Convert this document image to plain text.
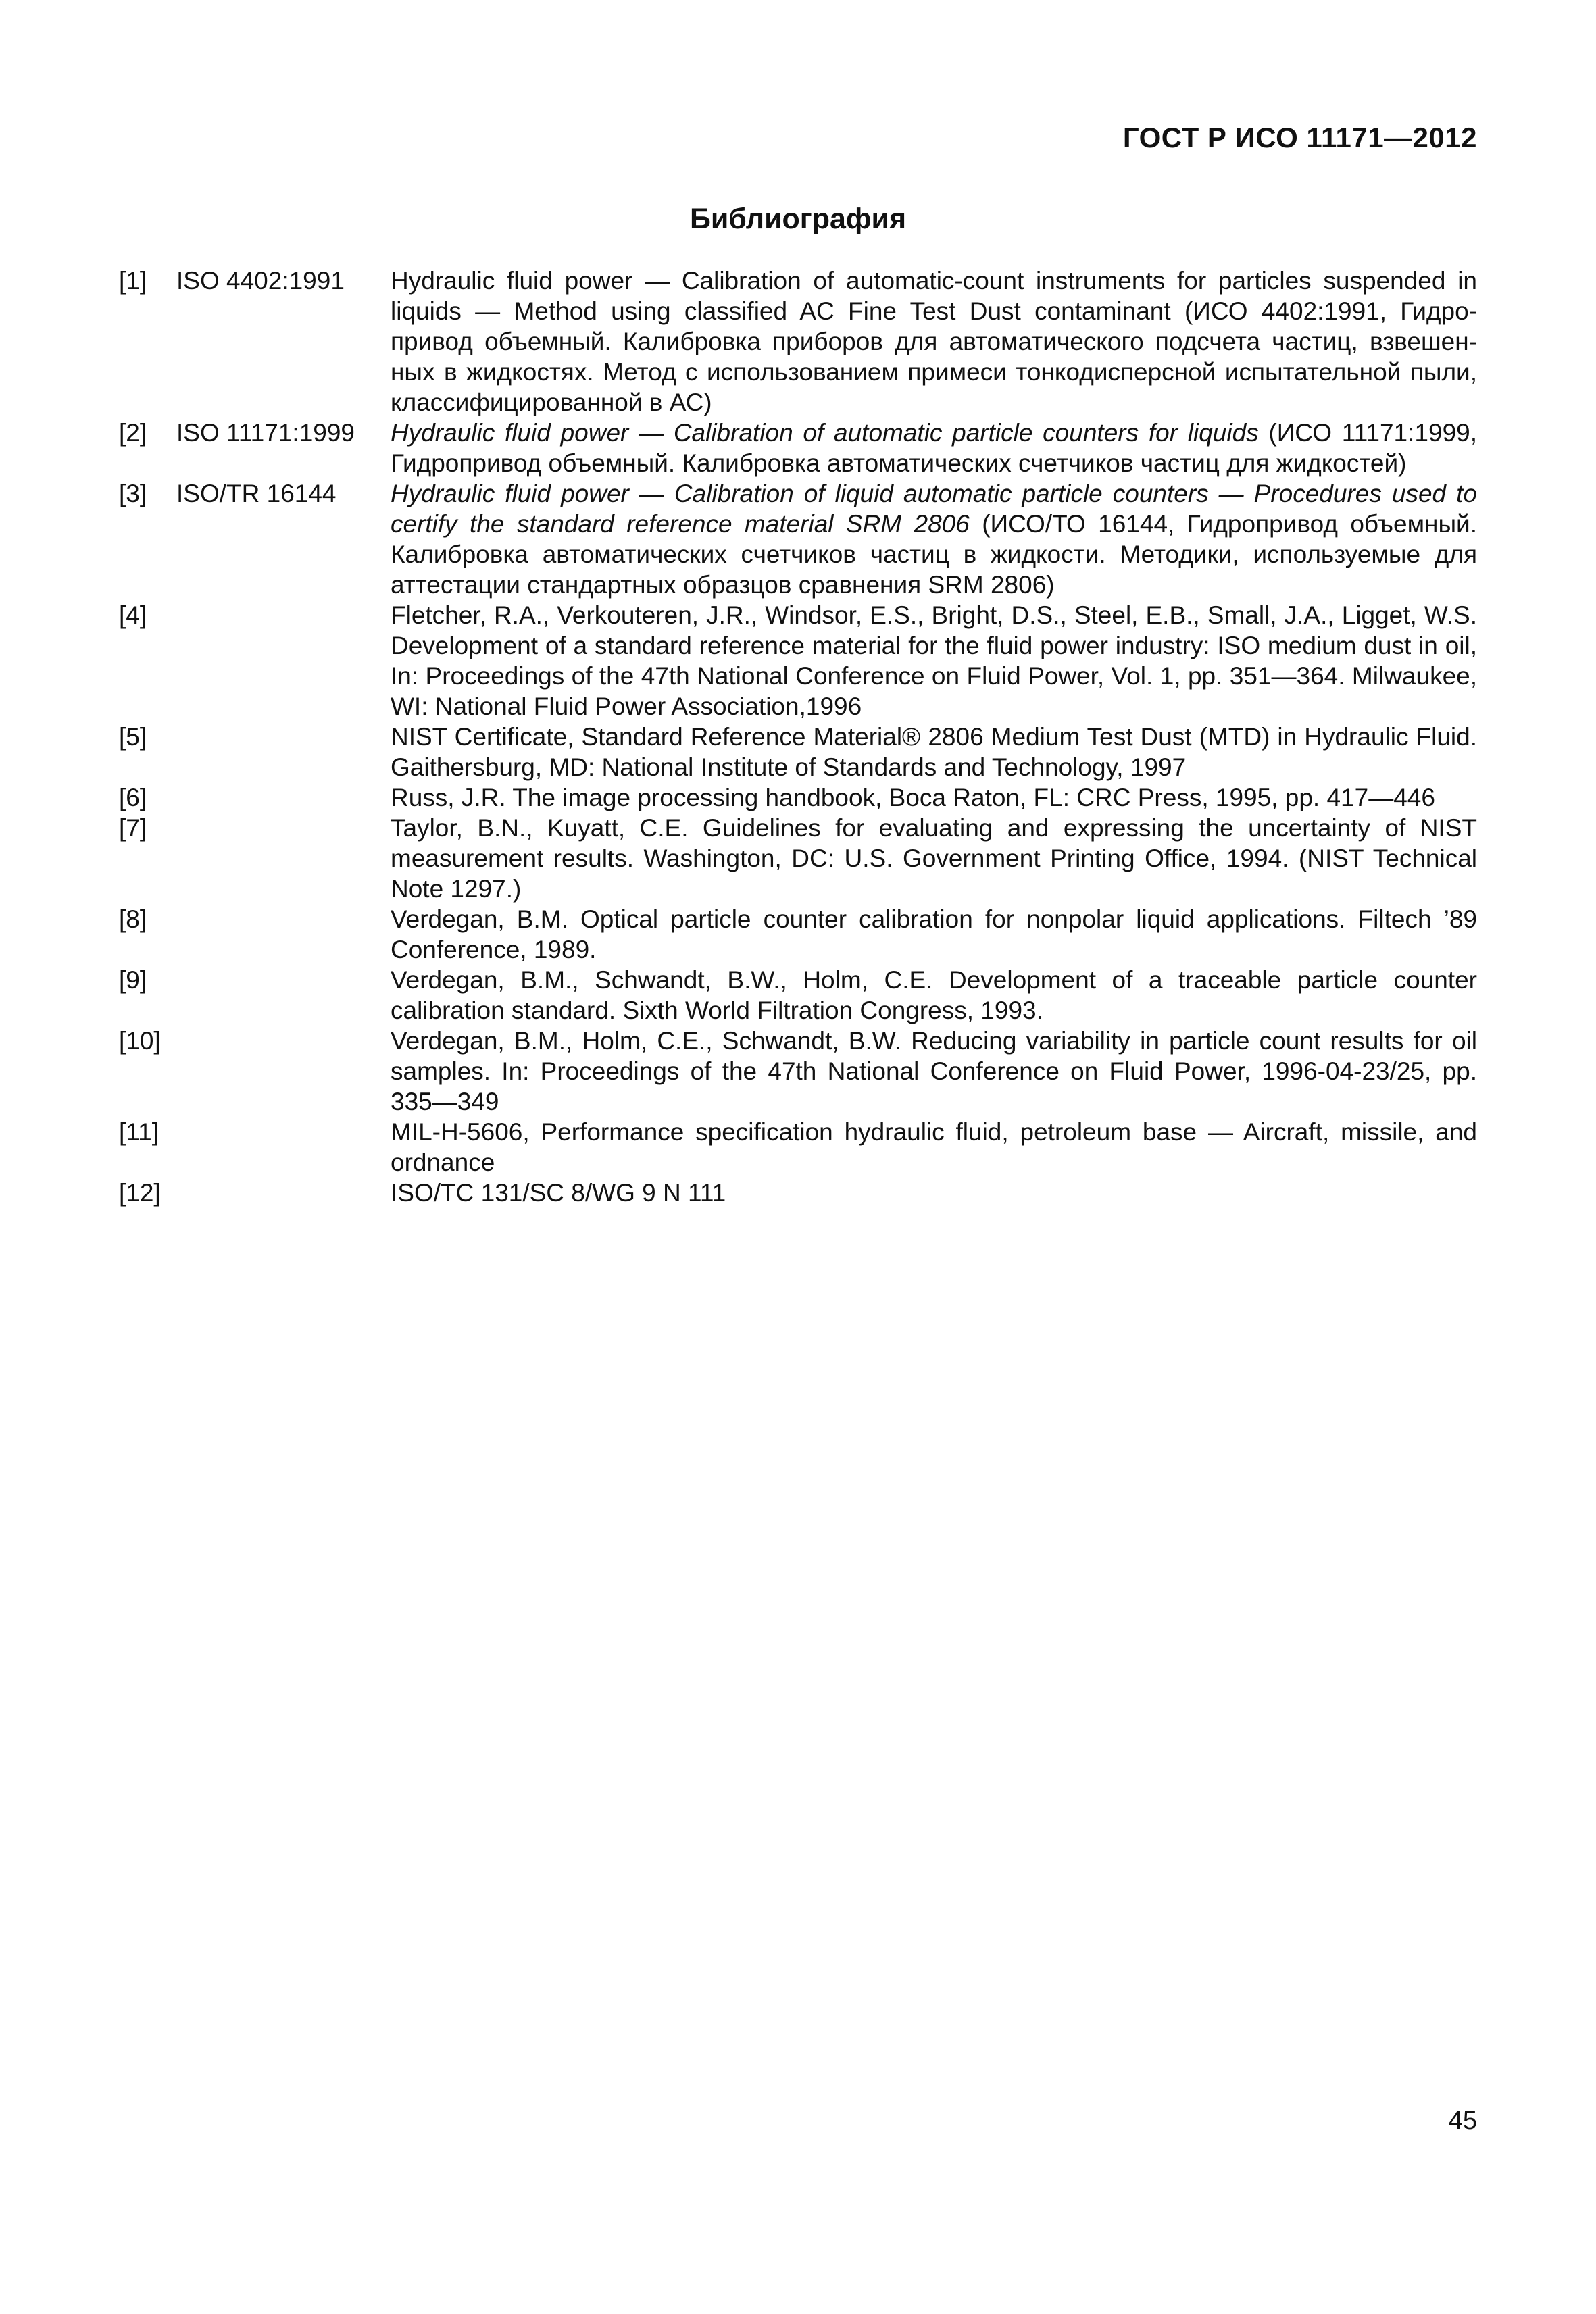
ГОСТ Р ИСО 11171—2012
Библиография
[1]	ISO 4402:1991	Hydraulic fluid power — Calibration of automatic-count instruments for particles suspended in liquids — Method using classified AC Fine Test Dust contaminant (ИСО 4402:1991, Гидро-привод объемный. Калибровка приборов для автоматического подсчета частиц, взвешен-ных в жидкостях. Метод с использованием примеси тонкодисперсной испытательной пыли, классифицированной в АС)
[2]	ISO 11171:1999	Hydraulic fluid power — Calibration of automatic particle counters for liquids (ИСО 11171:1999, Гидропривод объемный. Калибровка автоматических счетчиков частиц для жидкостей)
[3]	ISO/TR 16144	Hydraulic fluid power — Calibration of liquid automatic particle counters — Procedures used to certify the standard reference material SRM 2806 (ИСО/ТО 16144, Гидропривод объемный. Калибровка автоматических счетчиков частиц в жидкости. Методики, используемые для аттестации стандартных образцов сравнения SRM 2806)
[4]	Fletcher, R.A., Verkouteren, J.R., Windsor, E.S., Bright, D.S., Steel, E.B., Small, J.A., Ligget, W.S. Development of a standard reference material for the fluid power industry: ISO medium dust in oil, In: Proceedings of the 47th National Conference on Fluid Power, Vol. 1, pp. 351—364. Milwaukee, WI: National Fluid Power Association,1996
[5]	NIST Certificate, Standard Reference Material® 2806 Medium Test Dust (MTD) in Hydraulic Fluid. Gaithersburg, MD: National Institute of Standards and Technology, 1997
[6]	Russ, J.R. The image processing handbook, Boca Raton, FL: CRC Press, 1995, pp. 417—446
[7]	Taylor, B.N., Kuyatt, C.E. Guidelines for evaluating and expressing the uncertainty of NIST measurement results. Washington, DC: U.S. Government Printing Office, 1994. (NIST Technical Note 1297.)
[8]	Verdegan, B.M. Optical particle counter calibration for nonpolar liquid applications. Filtech ’89 Conference, 1989.
[9]	Verdegan, B.M., Schwandt, B.W., Holm, C.E. Development of a traceable particle counter calibration standard. Sixth World Filtration Congress, 1993.
[10]	Verdegan, B.M., Holm, C.E., Schwandt, B.W. Reducing variability in particle count results for oil samples. In: Proceedings of the 47th National Conference on Fluid Power, 1996-04-23/25, pp. 335—349
[11]	MIL-H-5606, Performance specification hydraulic fluid, petroleum base — Aircraft, missile, and ordnance
[12]	ISO/TC 131/SC 8/WG 9 N 111
45
